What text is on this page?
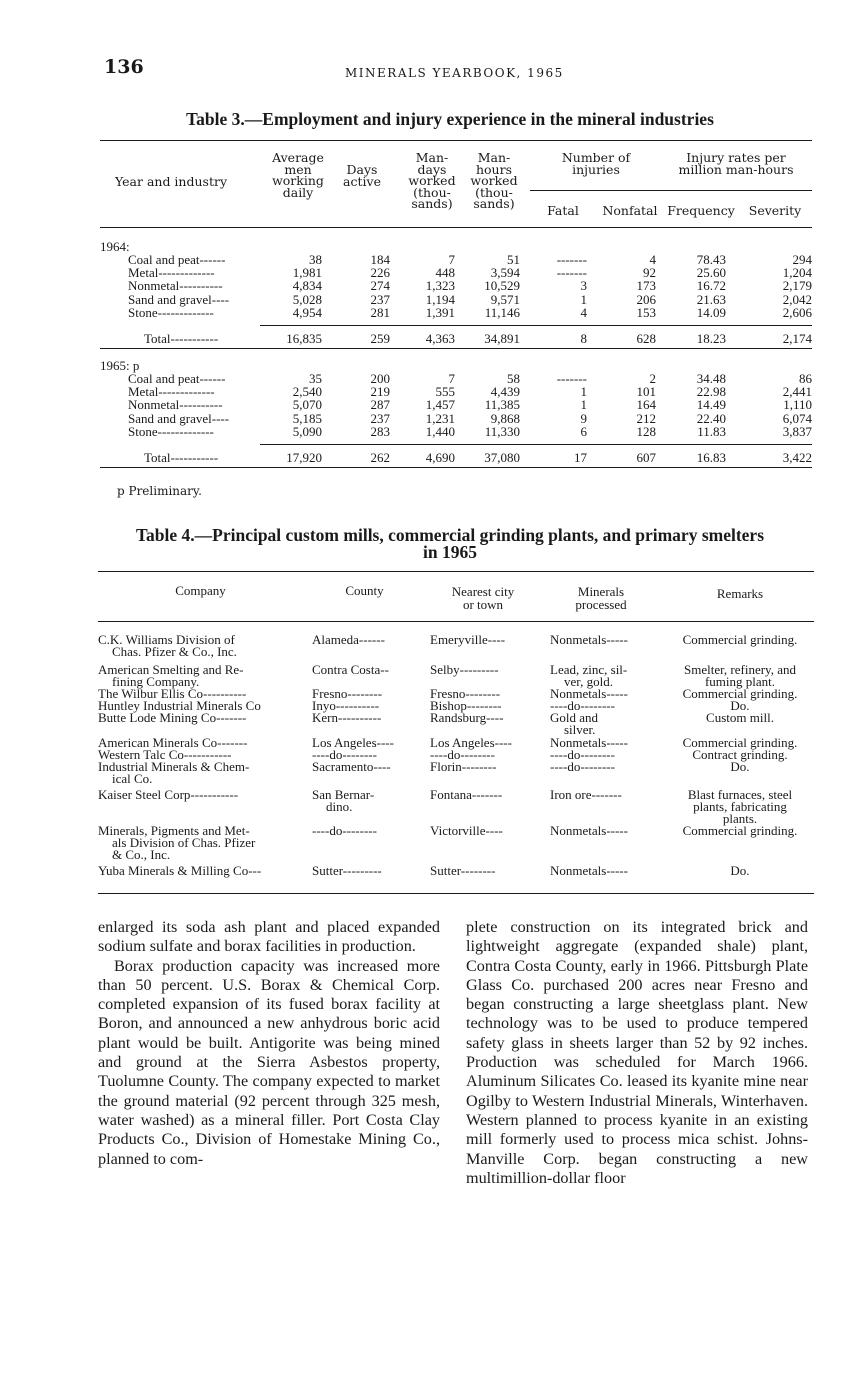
136	MINERALS YEARBOOK, 1965
Table 3.—Employment and injury experience in the mineral industries
Year and industry
Average
men
working
daily
Days
active
Man-
days
worked
(thou-
sands)
Man-
hours
worked
(thou-
sands)
Number of
injuries
Injury rates per
million man-hours
Fatal	Nonfatal Frequency	Severity
1964:
Coal and peat------	38	184	7	51	-------	4	78.43	294
Metal-------------	1,981	226	448	3,594	-------	92	25.60	1,204
Nonmetal----------	4,834	274	1,323 10,529	3	173	16.72	2,179
Sand and gravel----	5,028	237	1,194	9,571	1	206	21.63	2,042
Stone-------------	4,954	281	1,391 11,146	4	153	14.09	2,606
Total-----------	16,835	259	4,363 34,891	8	628	18.23	2,174
1965: p
Coal and peat------	35	200	7	58	-------	2	34.48	86
Metal-------------	2,540	219	555	4,439	1	101	22.98	2,441
Nonmetal----------	5,070	287	1,457 11,385	1	164	14.49	1,110
Sand and gravel----	5,185	237	1,231	9,868	9	212	22.40	6,074
Stone-------------	5,090	283	1,440 11,330	6	128	11.83	3,837
Total-----------	17,920	262	4,690 37,080	17	607	16.83	3,422
p Preliminary.
Table 4.—Principal custom mills, commercial grinding plants, and primary smelters
in 1965
Company	County	Nearest city
or town
Minerals
processed
Remarks
C.K. Williams Division of
Chas. Pfizer & Co., Inc.
Alameda------	Emeryville----	Nonmetals-----	Commercial grinding.
American Smelting and Re-
fining Company.
Contra Costa--	Selby---------	Lead, zinc, sil-
ver, gold.
Smelter, refinery, and
fuming plant.
The Wilbur Ellis Co----------	Fresno--------	Fresno--------	Nonmetals-----	Commercial grinding.
Huntley Industrial Minerals Co	Inyo----------	Bishop--------	----do--------	Do.
Butte Lode Mining Co-------	Kern----------	Randsburg----	Gold and
silver.
Custom mill.
American Minerals Co-------	Los Angeles----	Los Angeles----	Nonmetals-----	Commercial grinding.
Western Talc Co-----------	----do--------	----do--------	----do--------	Contract grinding.
Industrial Minerals & Chem-
ical Co.
Sacramento----	Florin--------	----do--------	Do.
Kaiser Steel Corp-----------	San Bernar-
dino.
Fontana-------	Iron ore-------	Blast furnaces, steel
plants, fabricating
plants.
Minerals, Pigments and Met-
als Division of Chas. Pfizer
& Co., Inc.
----do--------	Victorville----	Nonmetals-----	Commercial grinding.
Yuba Minerals & Milling Co---	Sutter---------	Sutter--------	Nonmetals-----	Do.

enlarged its soda ash plant and placed expanded sodium sulfate and borax facilities in production.

Borax production capacity was increased more than 50 percent. U.S. Borax & Chemical Corp. completed expansion of its fused borax facility at Boron, and announced a new anhydrous boric acid plant would be built. Antigorite was being mined and ground at the Sierra Asbestos property, Tuolumne County. The company expected to market the ground material (92 percent through 325 mesh, water washed) as a mineral filler. Port Costa Clay Products Co., Division of Homestake Mining Co., planned to com-

plete construction on its integrated brick and lightweight aggregate (expanded shale) plant, Contra Costa County, early in 1966. Pittsburgh Plate Glass Co. purchased 200 acres near Fresno and began constructing a large sheetglass plant. New technology was to be used to produce tempered safety glass in sheets larger than 52 by 92 inches. Production was scheduled for March 1966. Aluminum Silicates Co. leased its kyanite mine near Ogilby to Western Industrial Minerals, Winterhaven. Western planned to process kyanite in an existing mill formerly used to process mica schist. Johns-Manville Corp. began constructing a new multimillion-dollar floor
